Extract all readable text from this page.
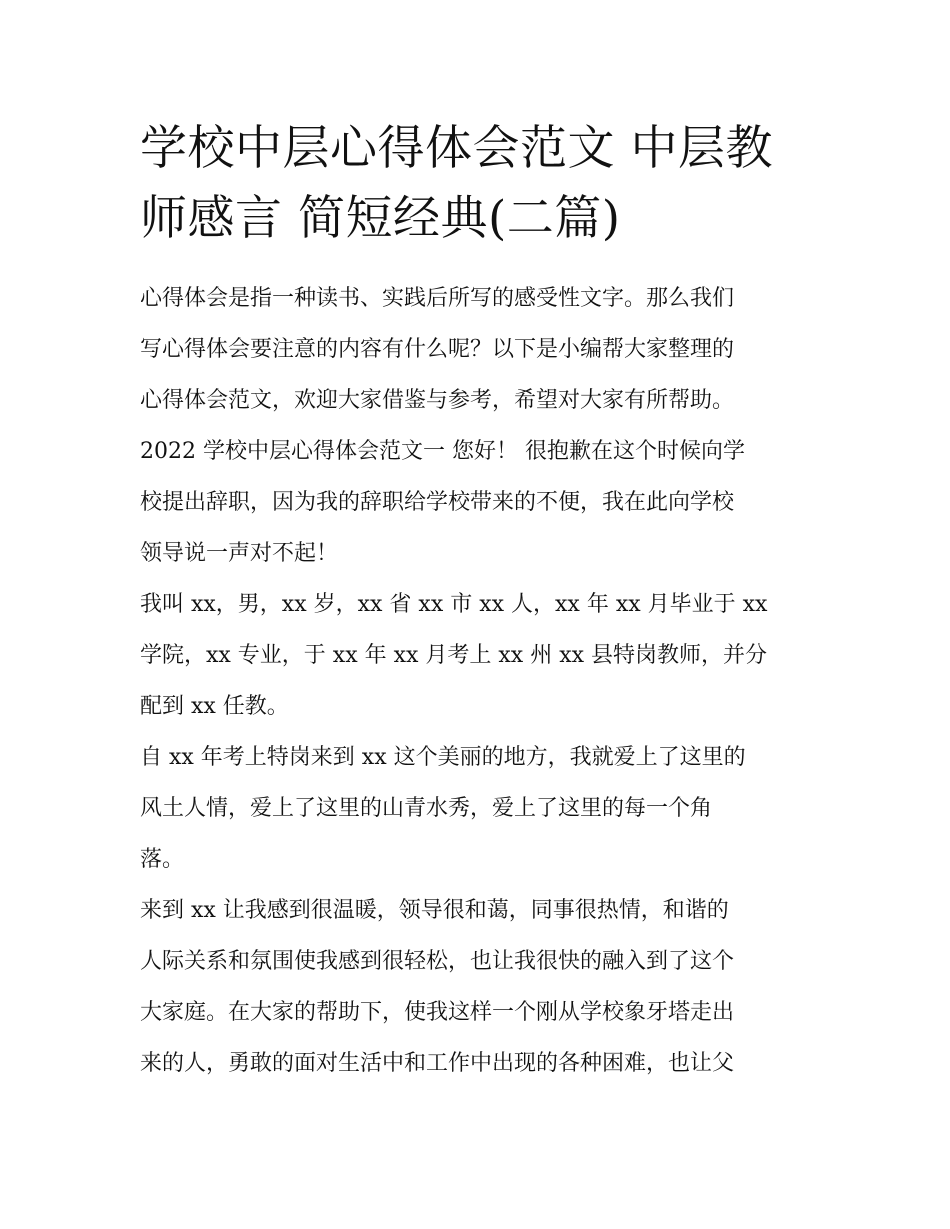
学校中层心得体会范文 中层教
师感言 简短经典(二篇)

心得体会是指一种读书、实践后所写的感受性文字。那么我们
写心得体会要注意的内容有什么呢？以下是小编帮大家整理的
心得体会范文，欢迎大家借鉴与参考，希望对大家有所帮助。
2022 学校中层心得体会范文一 您好！ 很抱歉在这个时候向学
校提出辞职，因为我的辞职给学校带来的不便，我在此向学校
领导说一声对不起！

我叫 xx，男，xx 岁，xx 省 xx 市 xx 人，xx 年 xx 月毕业于 xx
学院，xx 专业，于 xx 年 xx 月考上 xx 州 xx 县特岗教师，并分
配到 xx 任教。

自 xx 年考上特岗来到 xx 这个美丽的地方，我就爱上了这里的
风土人情，爱上了这里的山青水秀，爱上了这里的每一个角
落。

来到 xx 让我感到很温暖，领导很和蔼，同事很热情，和谐的
人际关系和氛围使我感到很轻松，也让我很快的融入到了这个
大家庭。在大家的帮助下，使我这样一个刚从学校象牙塔走出
来的人，勇敢的面对生活中和工作中出现的各种困难，也让父
